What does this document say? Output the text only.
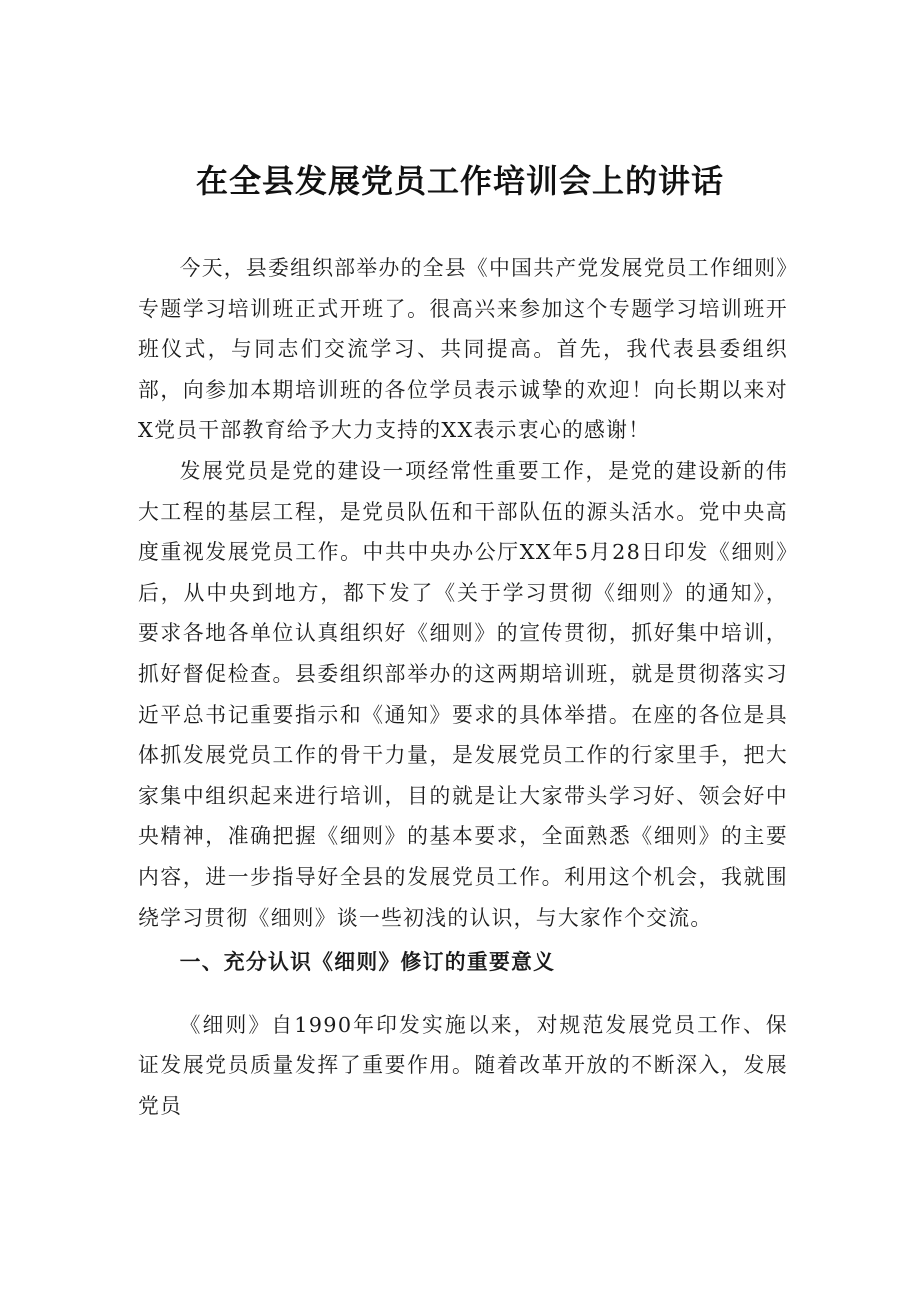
在全县发展党员工作培训会上的讲话

今天，县委组织部举办的全县《中国共产党发展党员工作细则》专题学习培训班正式开班了。很高兴来参加这个专题学习培训班开班仪式，与同志们交流学习、共同提高。首先，我代表县委组织部，向参加本期培训班的各位学员表示诚挚的欢迎！向长期以来对X党员干部教育给予大力支持的XX表示衷心的感谢！

发展党员是党的建设一项经常性重要工作，是党的建设新的伟大工程的基层工程，是党员队伍和干部队伍的源头活水。党中央高度重视发展党员工作。中共中央办公厅XX年5月28日印发《细则》后，从中央到地方，都下发了《关于学习贯彻《细则》的通知》，要求各地各单位认真组织好《细则》的宣传贯彻，抓好集中培训，抓好督促检查。县委组织部举办的这两期培训班，就是贯彻落实习近平总书记重要指示和《通知》要求的具体举措。在座的各位是具体抓发展党员工作的骨干力量，是发展党员工作的行家里手，把大家集中组织起来进行培训，目的就是让大家带头学习好、领会好中央精神，准确把握《细则》的基本要求，全面熟悉《细则》的主要内容，进一步指导好全县的发展党员工作。利用这个机会，我就围绕学习贯彻《细则》谈一些初浅的认识，与大家作个交流。

一、充分认识《细则》修订的重要意义

《细则》自1990年印发实施以来，对规范发展党员工作、保证发展党员质量发挥了重要作用。随着改革开放的不断深入，发展党员
